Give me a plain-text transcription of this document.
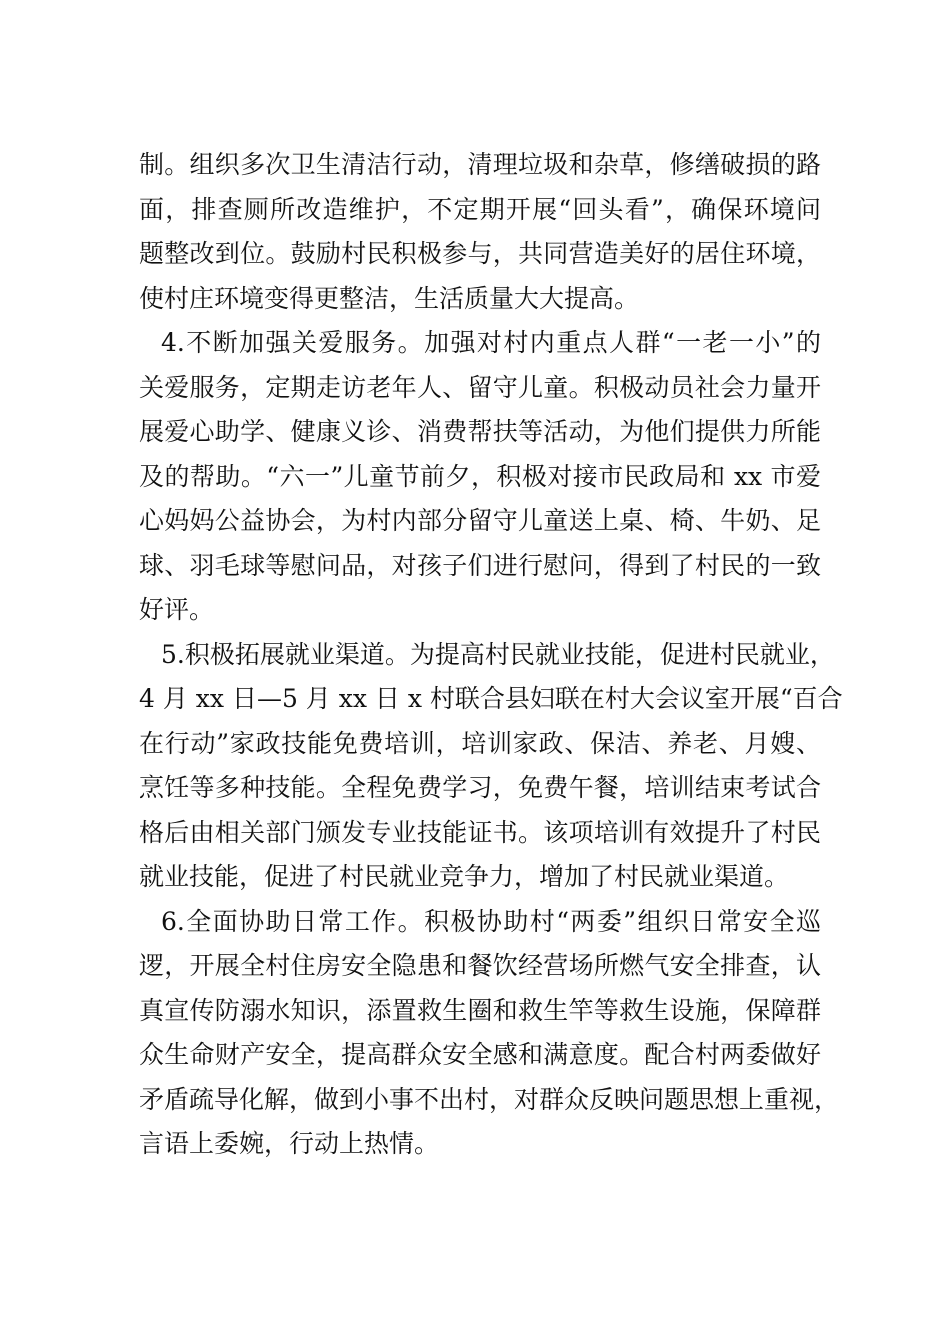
制。组织多次卫生清洁行动，清理垃圾和杂草，修缮破损的路
面，排查厕所改造维护，不定期开展“回头看”，确保环境问
题整改到位。鼓励村民积极参与，共同营造美好的居住环境，
使村庄环境变得更整洁，生活质量大大提高。
4.不断加强关爱服务。加强对村内重点人群“一老一小”的
关爱服务，定期走访老年人、留守儿童。积极动员社会力量开
展爱心助学、健康义诊、消费帮扶等活动，为他们提供力所能
及的帮助。“六一”儿童节前夕，积极对接市民政局和 xx 市爱
心妈妈公益协会，为村内部分留守儿童送上桌、椅、牛奶、足
球、羽毛球等慰问品，对孩子们进行慰问，得到了村民的一致
好评。
5.积极拓展就业渠道。为提高村民就业技能，促进村民就业，
4 月 xx 日—5 月 xx 日 x 村联合县妇联在村大会议室开展“百合
在行动”家政技能免费培训，培训家政、保洁、养老、月嫂、
烹饪等多种技能。全程免费学习，免费午餐，培训结束考试合
格后由相关部门颁发专业技能证书。该项培训有效提升了村民
就业技能，促进了村民就业竞争力，增加了村民就业渠道。
6.全面协助日常工作。积极协助村“两委”组织日常安全巡
逻，开展全村住房安全隐患和餐饮经营场所燃气安全排查，认
真宣传防溺水知识，添置救生圈和救生竿等救生设施，保障群
众生命财产安全，提高群众安全感和满意度。配合村两委做好
矛盾疏导化解，做到小事不出村，对群众反映问题思想上重视，
言语上委婉，行动上热情。
